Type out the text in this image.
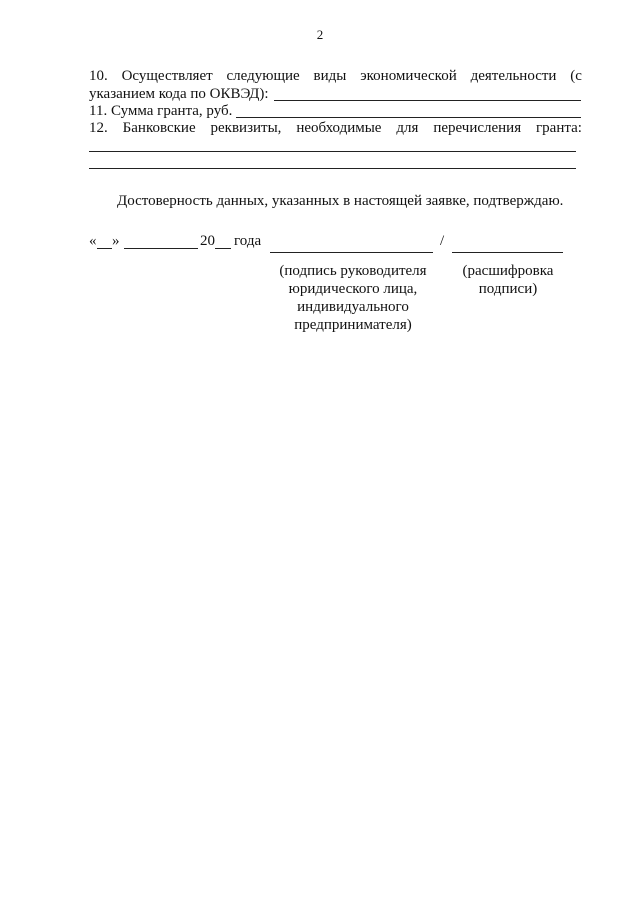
2
10. Осуществляет следующие виды экономической деятельности (с
указанием кода по ОКВЭД):
11. Сумма гранта, руб.
12. Банковские реквизиты, необходимые для перечисления гранта:
Достоверность данных, указанных в настоящей заявке, подтверждаю.
« »	20 года	/
(подпись руководителя
юридического лица,
индивидуального
предпринимателя)
(расшифровка
подписи)
